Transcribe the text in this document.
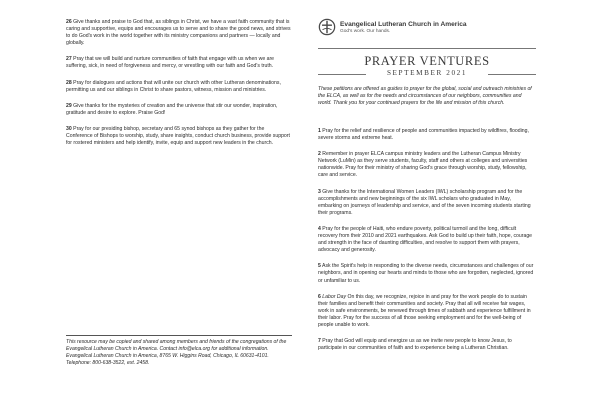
26 Give thanks and praise to God that, as siblings in Christ, we have a vast faith community that is caring and supportive, equips and encourages us to serve and to share the good news, and strives to do God's work in the world together with its ministry companions and partners — locally and globally.

27 Pray that we will build and nurture communities of faith that engage with us when we are suffering, sick, in need of forgiveness and mercy, or wrestling with our faith and God's truth.

28 Pray for dialogues and actions that will unite our church with other Lutheran denominations, permitting us and our siblings in Christ to share pastors, witness, mission and ministries.

29 Give thanks for the mysteries of creation and the universe that stir our wonder, inspiration, gratitude and desire to explore. Praise God!

30 Pray for our presiding bishop, secretary and 65 synod bishops as they gather for the Conference of Bishops to worship, study, share insights, conduct church business, provide support for rostered ministers and help identify, invite, equip and support new leaders in the church.

This resource may be copied and shared among members and friends of the congregations of the Evangelical Lutheran Church in America. Contact info@elca.org for additional information. Evangelical Lutheran Church in America, 8765 W. Higgins Road, Chicago, IL 60631-4101. Telephone: 800-638-3522, ext. 2458.

Evangelical Lutheran Church in America
God's work. Our hands.
PRAYER VENTURES
SEPTEMBER 2021

These petitions are offered as guides to prayer for the global, social and outreach ministries of the ELCA, as well as for the needs and circumstances of our neighbors, communities and world. Thank you for your continued prayers for the life and mission of this church.

1 Pray for the relief and resilience of people and communities impacted by wildfires, flooding, severe storms and extreme heat.

2 Remember in prayer ELCA campus ministry leaders and the Lutheran Campus Ministry Network (LuMin) as they serve students, faculty, staff and others at colleges and universities nationwide. Pray for their ministry of sharing God's grace through worship, study, fellowship, care and service.

3 Give thanks for the International Women Leaders (IWL) scholarship program and for the accomplishments and new beginnings of the six IWL scholars who graduated in May, embarking on journeys of leadership and service, and of the seven incoming students starting their programs.

4 Pray for the people of Haiti, who endure poverty, political turmoil and the long, difficult recovery from their 2010 and 2021 earthquakes. Ask God to build up their faith, hope, courage and strength in the face of daunting difficulties, and resolve to support them with prayers, advocacy and generosity.

5 Ask the Spirit's help in responding to the diverse needs, circumstances and challenges of our neighbors, and in opening our hearts and minds to those who are forgotten, neglected, ignored or unfamiliar to us.

6 Labor Day On this day, we recognize, rejoice in and pray for the work people do to sustain their families and benefit their communities and society. Pray that all will receive fair wages, work in safe environments, be renewed through times of sabbath and experience fulfillment in their labor. Pray for the success of all those seeking employment and for the well-being of people unable to work.

7 Pray that God will equip and energize us as we invite new people to know Jesus, to participate in our communities of faith and to experience being a Lutheran Christian.
